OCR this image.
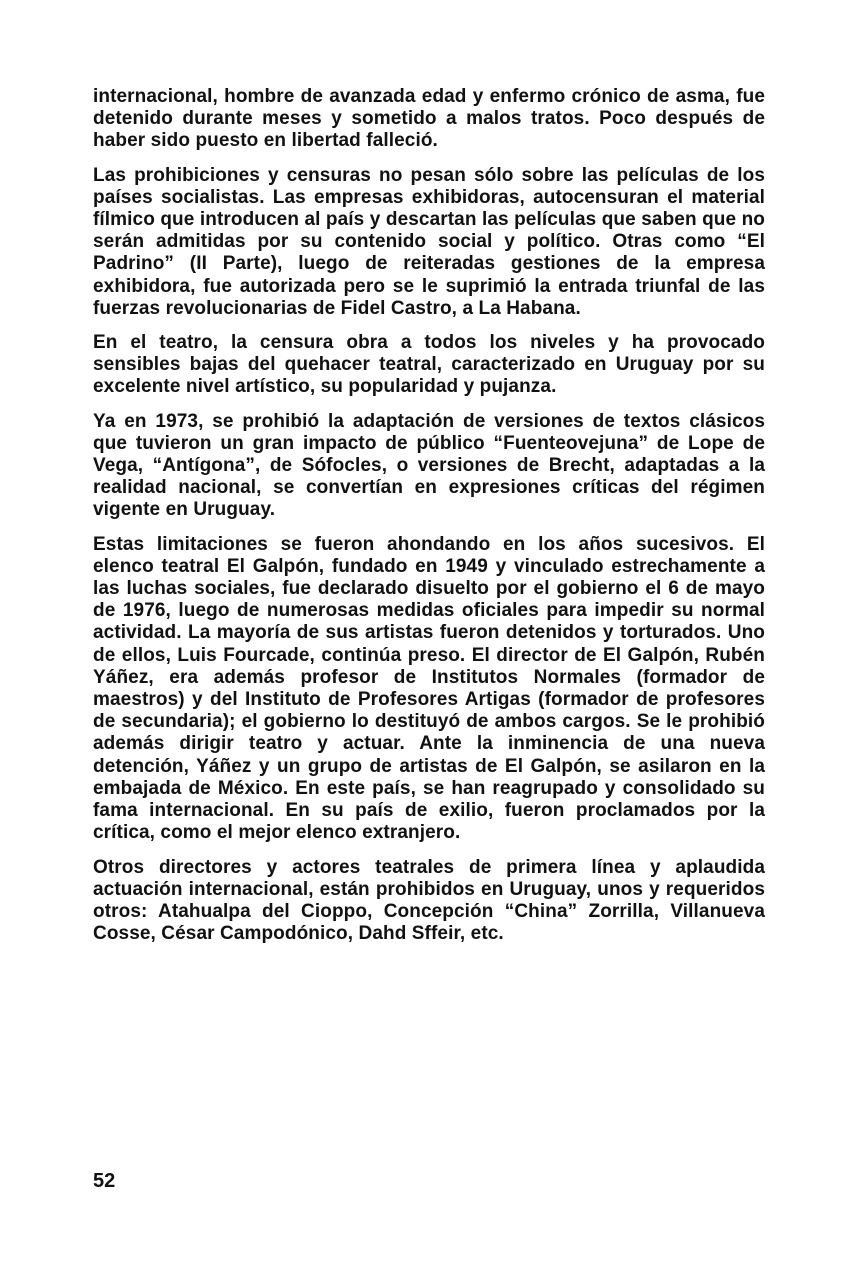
internacional, hombre de avanzada edad y enfermo crónico de asma, fue detenido durante meses y sometido a malos tratos. Poco después de haber sido puesto en libertad falleció.

Las prohibiciones y censuras no pesan sólo sobre las películas de los países socialistas. Las empresas exhibidoras, autocensuran el material fílmico que introducen al país y descartan las películas que saben que no serán admitidas por su contenido social y político. Otras como “El Padrino” (II Parte), luego de reiteradas gestiones de la empresa exhibidora, fue autorizada pero se le suprimió la entrada triunfal de las fuerzas revolucionarias de Fidel Castro, a La Habana.

En el teatro, la censura obra a todos los niveles y ha provocado sensibles bajas del quehacer teatral, caracterizado en Uruguay por su excelente nivel artístico, su popularidad y pujanza.

Ya en 1973, se prohibió la adaptación de versiones de textos clásicos que tuvieron un gran impacto de público “Fuenteovejuna” de Lope de Vega, “Antígona”, de Sófocles, o versiones de Brecht, adaptadas a la realidad nacional, se convertían en expresiones críticas del régimen vigente en Uruguay.

Estas limitaciones se fueron ahondando en los años sucesivos. El elenco teatral El Galpón, fundado en 1949 y vinculado estrechamente a las luchas sociales, fue declarado disuelto por el gobierno el 6 de mayo de 1976, luego de numerosas medidas oficiales para impedir su normal actividad. La mayoría de sus artistas fueron detenidos y torturados. Uno de ellos, Luis Fourcade, continúa preso. El director de El Galpón, Rubén Yáñez, era además profesor de Institutos Normales (formador de maestros) y del Instituto de Profesores Artigas (formador de profesores de secundaria); el gobierno lo destituyó de ambos cargos. Se le prohibió además dirigir teatro y actuar. Ante la inminencia de una nueva detención, Yáñez y un grupo de artistas de El Galpón, se asilaron en la embajada de México. En este país, se han reagrupado y consolidado su fama internacional. En su país de exilio, fueron proclamados por la crítica, como el mejor elenco extranjero.

Otros directores y actores teatrales de primera línea y aplaudida actuación internacional, están prohibidos en Uruguay, unos y requeridos otros: Atahualpa del Cioppo, Concepción “China” Zorrilla, Villanueva Cosse, César Campodónico, Dahd Sffeir, etc.

52
